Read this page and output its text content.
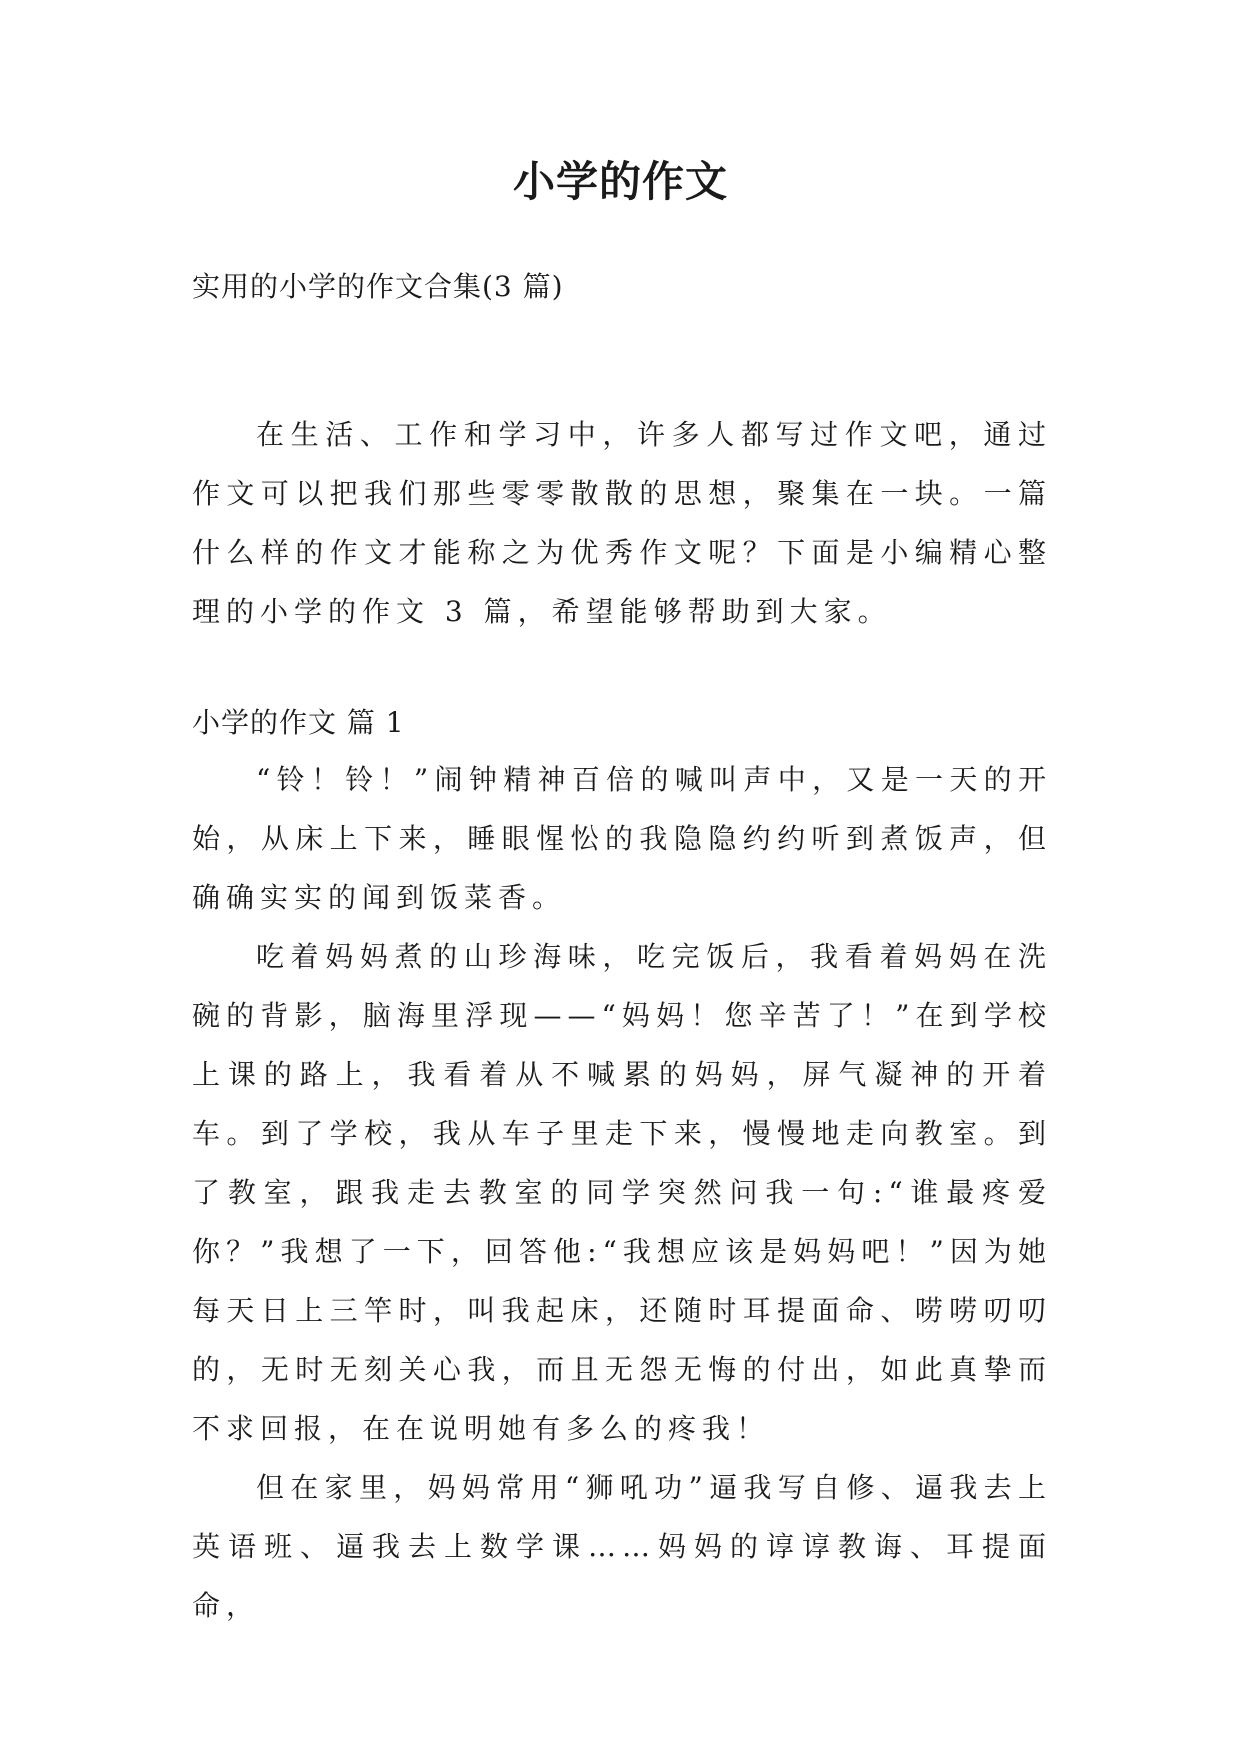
小学的作文
实用的小学的作文合集(3 篇)

在生活、工作和学习中，许多人都写过作文吧，通过作文可以把我们那些零零散散的思想，聚集在一块。一篇什么样的作文才能称之为优秀作文呢？下面是小编精心整理的小学的作文 3 篇，希望能够帮助到大家。

小学的作文 篇 1

“铃！铃！”闹钟精神百倍的喊叫声中，又是一天的开始，从床上下来，睡眼惺忪的我隐隐约约听到煮饭声，但确确实实的闻到饭菜香。

吃着妈妈煮的山珍海味，吃完饭后，我看着妈妈在洗碗的背影，脑海里浮现——“妈妈！您辛苦了！”在到学校上课的路上，我看着从不喊累的妈妈，屏气凝神的开着车。到了学校，我从车子里走下来，慢慢地走向教室。到了教室，跟我走去教室的同学突然问我一句:“谁最疼爱你？”我想了一下，回答他:“我想应该是妈妈吧！”因为她每天日上三竿时，叫我起床，还随时耳提面命、唠唠叨叨的，无时无刻关心我，而且无怨无悔的付出，如此真挚而不求回报，在在说明她有多么的疼我！

但在家里，妈妈常用“狮吼功”逼我写自修、逼我去上英语班、逼我去上数学课……妈妈的谆谆教诲、耳提面命，
